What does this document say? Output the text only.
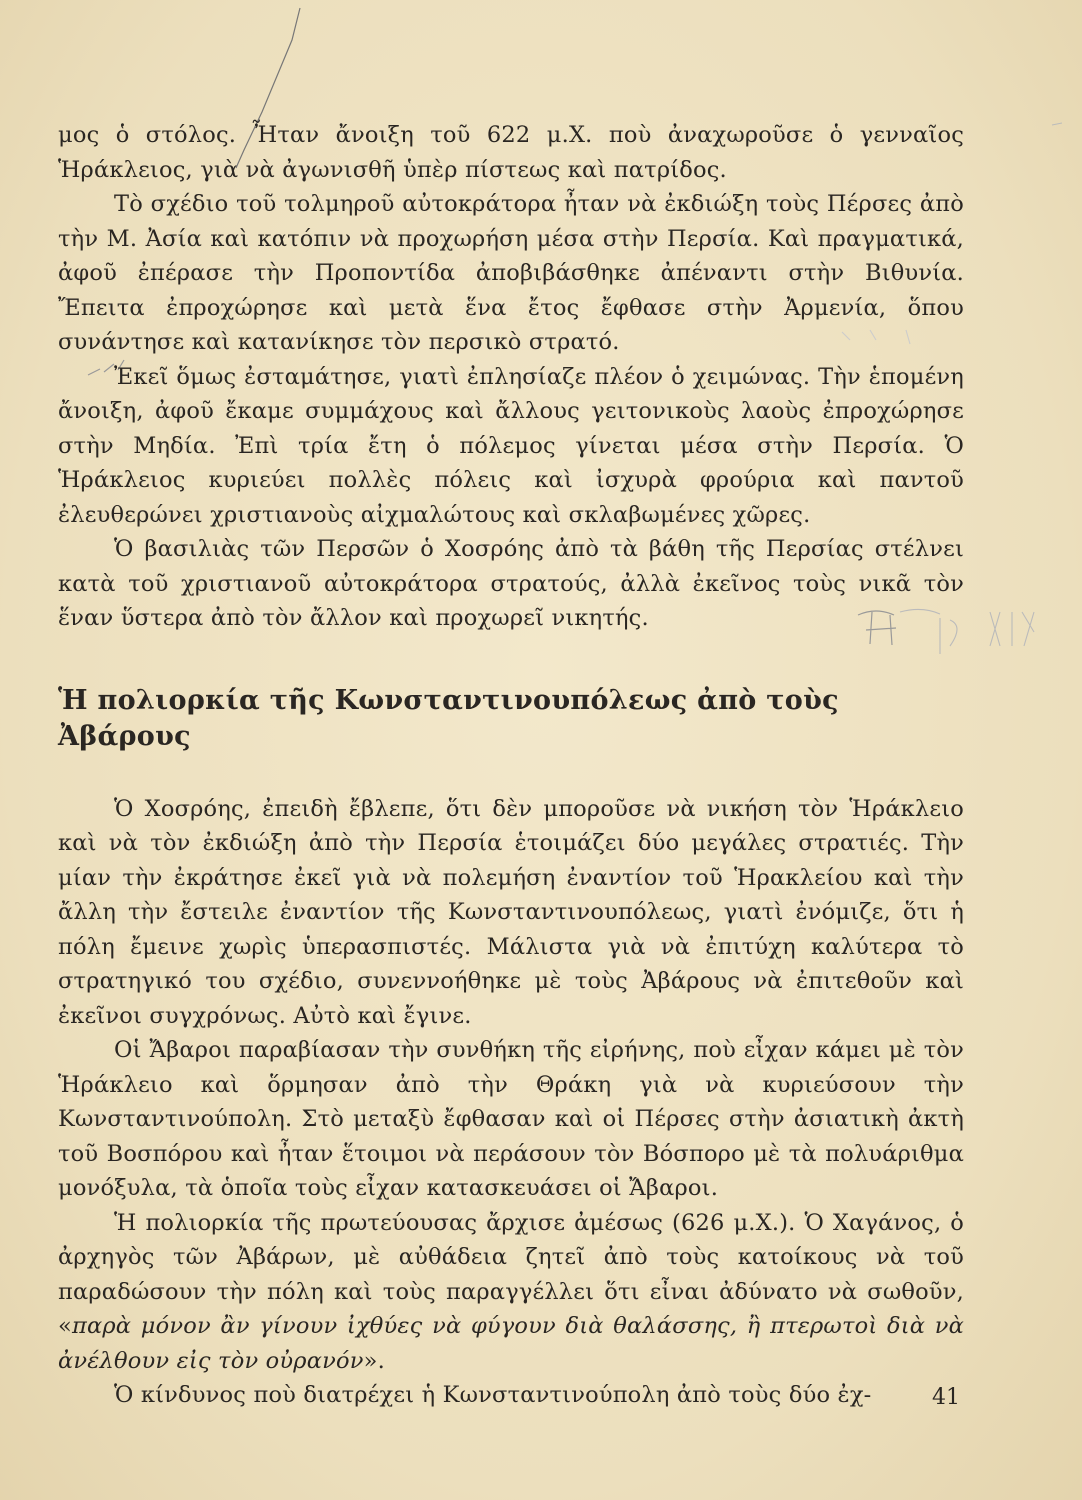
μος ὁ στόλος. Ἦταν ἄνοιξη τοῦ 622 μ.Χ. ποὺ ἀναχωροῦσε ὁ γενναῖος Ἡράκλειος, γιὰ νὰ ἀγωνισθῆ ὑπὲρ πίστεως καὶ πατρίδος.

Τὸ σχέδιο τοῦ τολμηροῦ αὐτοκράτορα ἦταν νὰ ἐκδιώξη τοὺς Πέρσες ἀπὸ τὴν Μ. Ἀσία καὶ κατόπιν νὰ προχωρήση μέσα στὴν Περσία. Καὶ πραγματικά, ἀφοῦ ἐπέρασε τὴν Προποντίδα ἀποβιβάσθηκε ἀπέναντι στὴν Βιθυνία. Ἔπειτα ἐπροχώρησε καὶ μετὰ ἕνα ἔτος ἔφθασε στὴν Ἀρμενία, ὅπου συνάντησε καὶ κατανίκησε τὸν περσικὸ στρατό.

Ἐκεῖ ὅμως ἐσταμάτησε, γιατὶ ἐπλησίαζε πλέον ὁ χειμώνας. Τὴν ἑπομένη ἄνοιξη, ἀφοῦ ἔκαμε συμμάχους καὶ ἄλλους γειτονικοὺς λαοὺς ἐπροχώρησε στὴν Μηδία. Ἐπὶ τρία ἔτη ὁ πόλεμος γίνεται μέσα στὴν Περσία. Ὁ Ἡράκλειος κυριεύει πολλὲς πόλεις καὶ ἰσχυρὰ φρούρια καὶ παντοῦ ἐλευθερώνει χριστιανοὺς αἰχμαλώτους καὶ σκλαβωμένες χῶρες.

Ὁ βασιλιὰς τῶν Περσῶν ὁ Χοσρόης ἀπὸ τὰ βάθη τῆς Περσίας στέλνει κατὰ τοῦ χριστιανοῦ αὐτοκράτορα στρατούς, ἀλλὰ ἐκεῖνος τοὺς νικᾶ τὸν ἕναν ὕστερα ἀπὸ τὸν ἄλλον καὶ προχωρεῖ νικητής.

Ἡ πολιορκία τῆς Κωνσταντινουπόλεως ἀπὸ τοὺς Ἀβάρους

Ὁ Χοσρόης, ἐπειδὴ ἔβλεπε, ὅτι δὲν μποροῦσε νὰ νικήση τὸν Ἡράκλειο καὶ νὰ τὸν ἐκδιώξη ἀπὸ τὴν Περσία ἑτοιμάζει δύο μεγάλες στρατιές. Τὴν μίαν τὴν ἐκράτησε ἐκεῖ γιὰ νὰ πολεμήση ἐναντίον τοῦ Ἡρακλείου καὶ τὴν ἄλλη τὴν ἔστειλε ἐναντίον τῆς Κωνσταντινουπόλεως, γιατὶ ἐνόμιζε, ὅτι ἡ πόλη ἔμεινε χωρὶς ὑπερασπιστές. Μάλιστα γιὰ νὰ ἐπιτύχη καλύτερα τὸ στρατηγικό του σχέδιο, συνεννοήθηκε μὲ τοὺς Ἀβάρους νὰ ἐπιτεθοῦν καὶ ἐκεῖνοι συγχρόνως. Αὐτὸ καὶ ἔγινε.

Οἱ Ἄβαροι παραβίασαν τὴν συνθήκη τῆς εἰρήνης, ποὺ εἶχαν κάμει μὲ τὸν Ἡράκλειο καὶ ὅρμησαν ἀπὸ τὴν Θράκη γιὰ νὰ κυριεύσουν τὴν Κωνσταντινούπολη. Στὸ μεταξὺ ἔφθασαν καὶ οἱ Πέρσες στὴν ἀσιατικὴ ἀκτὴ τοῦ Βοσπόρου καὶ ἦταν ἕτοιμοι νὰ περάσουν τὸν Βόσπορο μὲ τὰ πολυάριθμα μονόξυλα, τὰ ὁποῖα τοὺς εἶχαν κατασκευάσει οἱ Ἄβαροι.

Ἡ πολιορκία τῆς πρωτεύουσας ἄρχισε ἀμέσως (626 μ.Χ.). Ὁ Χαγάνος, ὁ ἀρχηγὸς τῶν Ἀβάρων, μὲ αὐθάδεια ζητεῖ ἀπὸ τοὺς κατοίκους νὰ τοῦ παραδώσουν τὴν πόλη καὶ τοὺς παραγγέλλει ὅτι εἶναι ἀδύνατο νὰ σωθοῦν, «παρὰ μόνον ἂν γίνουν ἰχθύες νὰ φύγουν διὰ θαλάσσης, ἢ πτερωτοὶ διὰ νὰ ἀνέλθουν εἰς τὸν οὐρανόν».

Ὁ κίνδυνος ποὺ διατρέχει ἡ Κωνσταντινούπολη ἀπὸ τοὺς δύο ἐχ-	41
